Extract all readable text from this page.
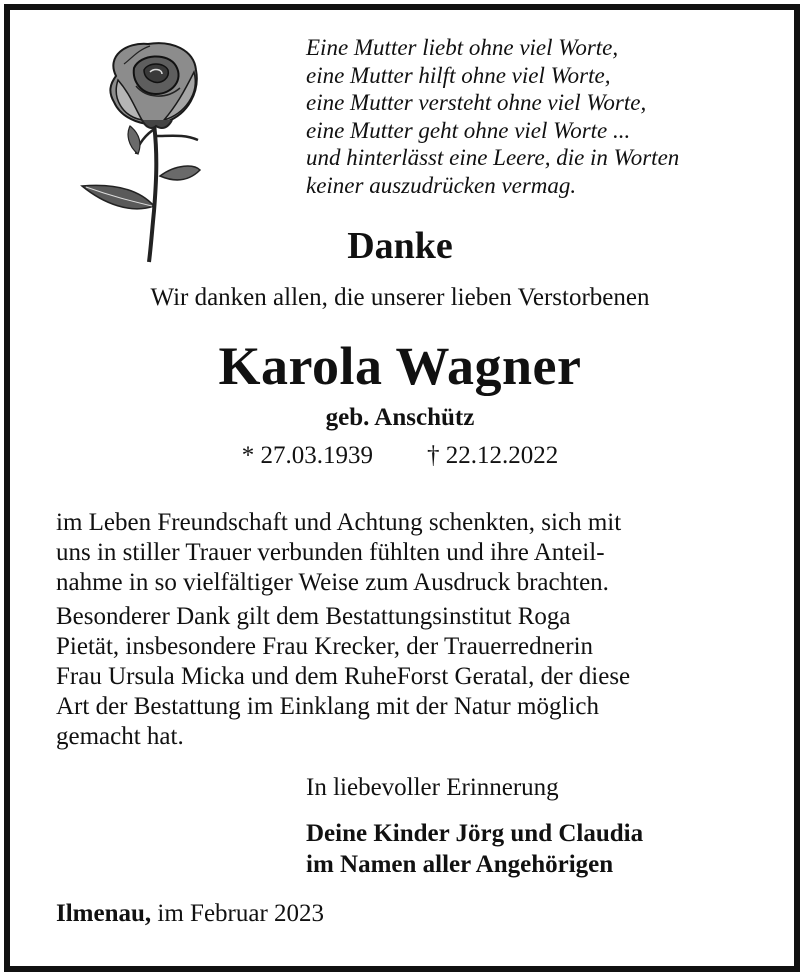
Eine Mutter liebt ohne viel Worte,
eine Mutter hilft ohne viel Worte,
eine Mutter versteht ohne viel Worte,
eine Mutter geht ohne viel Worte ...
und hinterlässt eine Leere, die in Worten
keiner auszudrücken vermag.
Danke
Wir danken allen, die unserer lieben Verstorbenen
Karola Wagner
geb. Anschütz
* 27.03.1939 † 22.12.2022
im Leben Freundschaft und Achtung schenkten, sich mit
uns in stiller Trauer verbunden fühlten und ihre Anteil-
nahme in so vielfältiger Weise zum Ausdruck brachten.
Besonderer Dank gilt dem Bestattungsinstitut Roga
Pietät, insbesondere Frau Krecker, der Trauerrednerin
Frau Ursula Micka und dem RuheForst Geratal, der diese
Art der Bestattung im Einklang mit der Natur möglich
gemacht hat.
In liebevoller Erinnerung
Deine Kinder Jörg und Claudia
im Namen aller Angehörigen
Ilmenau, im Februar 2023
